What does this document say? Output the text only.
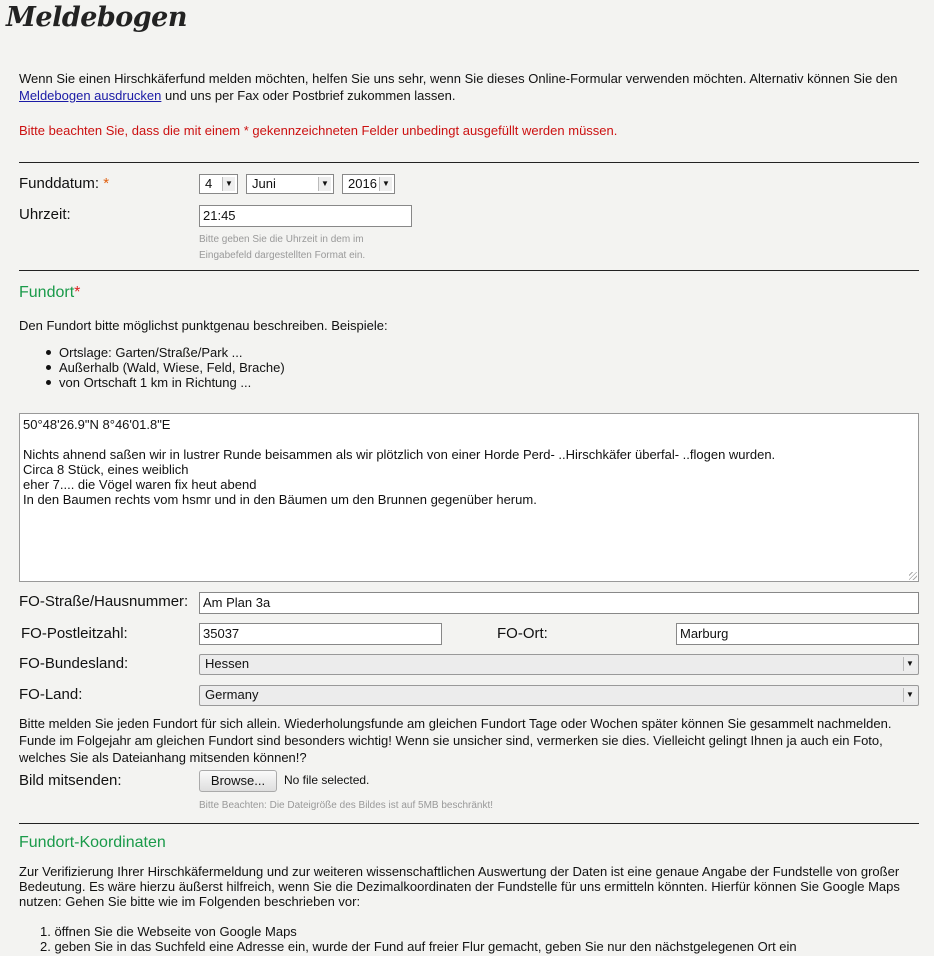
Meldebogen
Wenn Sie einen Hirschkäferfund melden möchten, helfen Sie uns sehr, wenn Sie dieses Online-Formular verwenden möchten. Alternativ können Sie den Meldebogen ausdrucken und uns per Fax oder Postbrief zukommen lassen.
Bitte beachten Sie, dass die mit einem * gekennzeichneten Felder unbedingt ausgefüllt werden müssen.
Funddatum: *	4	▼	Juni	▼	2016 ▼
Uhrzeit:	21:45
Bitte geben Sie die Uhrzeit in dem im
Eingabefeld dargestellten Format ein.
Fundort*
Den Fundort bitte möglichst punktgenau beschreiben. Beispiele:
Ortslage: Garten/Straße/Park ...
Außerhalb (Wald, Wiese, Feld, Brache)
von Ortschaft 1 km in Richtung ...
50°48'26.9"N 8°46'01.8"E

Nichts ahnend saßen wir in lustrer Runde beisammen als wir plötzlich von einer Horde Perd- ..Hirschkäfer überfal- ..flogen wurden.
Circa 8 Stück, eines weiblich
eher 7.... die Vögel waren fix heut abend
In den Baumen rechts vom hsmr und in den Bäumen um den Brunnen gegenüber herum.
FO-Straße/Hausnummer:	Am Plan 3a
FO-Postleitzahl:	35037	FO-Ort:	Marburg
FO-Bundesland:	Hessen	▼
FO-Land:	Germany	▼
Bitte melden Sie jeden Fundort für sich allein. Wiederholungsfunde am gleichen Fundort Tage oder Wochen später können Sie gesammelt nachmelden. Funde im Folgejahr am gleichen Fundort sind besonders wichtig! Wenn sie unsicher sind, vermerken sie dies. Vielleicht gelingt Ihnen ja auch ein Foto, welches Sie als Dateianhang mitsenden können!?
Bild mitsenden:	Browse...	No file selected.
Bitte Beachten: Die Dateigröße des Bildes ist auf 5MB beschränkt!
Fundort-Koordinaten
Zur Verifizierung Ihrer Hirschkäfermeldung und zur weiteren wissenschaftlichen Auswertung der Daten ist eine genaue Angabe der Fundstelle von großer Bedeutung. Es wäre hierzu äußerst hilfreich, wenn Sie die Dezimalkoordinaten der Fundstelle für uns ermitteln könnten. Hierfür können Sie Google Maps nutzen: Gehen Sie bitte wie im Folgenden beschrieben vor:
1. öffnen Sie die Webseite von Google Maps
2. geben Sie in das Suchfeld eine Adresse ein, wurde der Fund auf freier Flur gemacht, geben Sie nur den nächstgelegenen Ort ein
